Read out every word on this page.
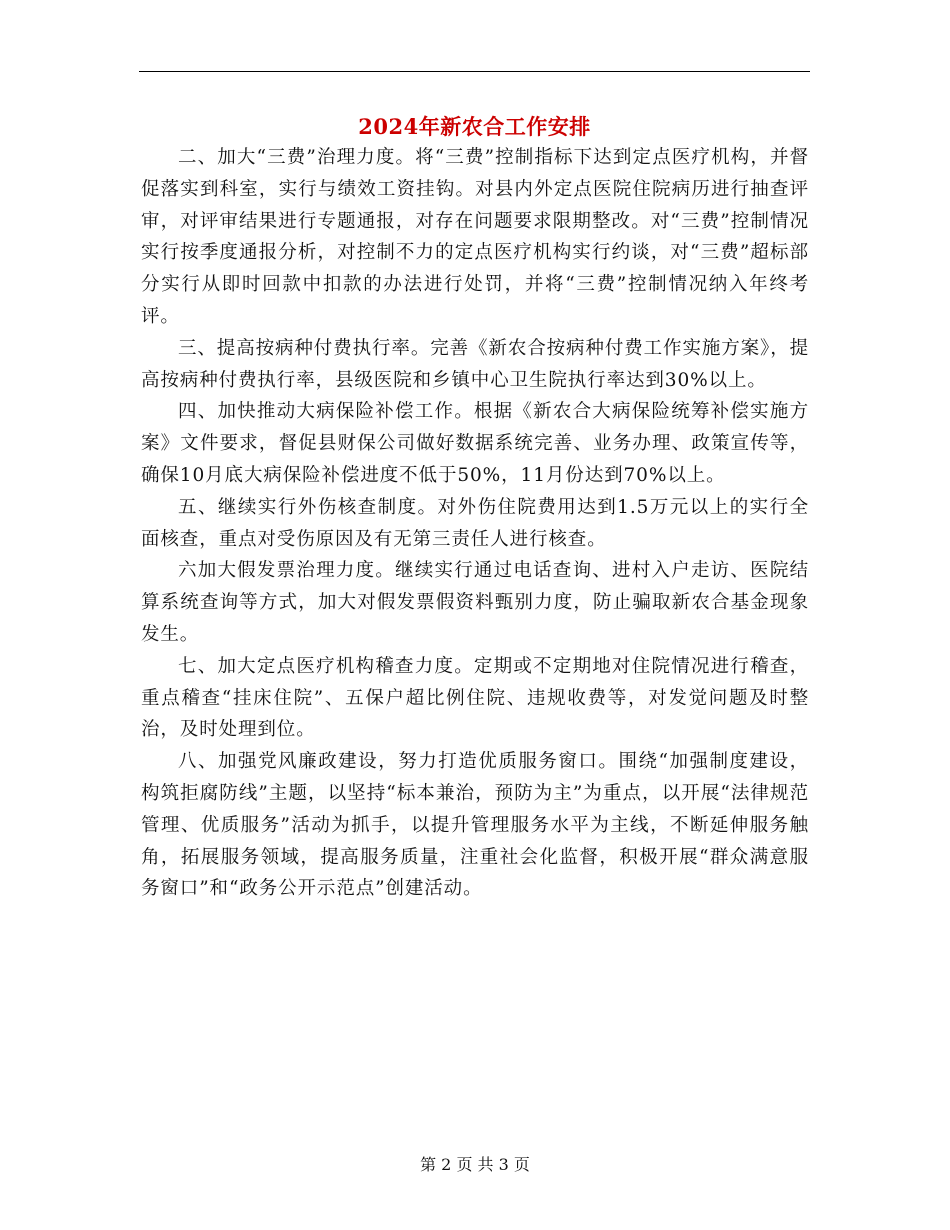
2024年新农合工作安排

二、加大“三费”治理力度。将“三费”控制指标下达到定点医疗机构，并督促落实到科室，实行与绩效工资挂钩。对县内外定点医院住院病历进行抽查评审，对评审结果进行专题通报，对存在问题要求限期整改。对“三费”控制情况实行按季度通报分析，对控制不力的定点医疗机构实行约谈，对“三费”超标部分实行从即时回款中扣款的办法进行处罚，并将“三费”控制情况纳入年终考评。

三、提高按病种付费执行率。完善《新农合按病种付费工作实施方案》，提高按病种付费执行率，县级医院和乡镇中心卫生院执行率达到30%以上。

四、加快推动大病保险补偿工作。根据《新农合大病保险统筹补偿实施方案》文件要求，督促县财保公司做好数据系统完善、业务办理、政策宣传等，确保10月底大病保险补偿进度不低于50%，11月份达到70%以上。

五、继续实行外伤核查制度。对外伤住院费用达到1.5万元以上的实行全面核查，重点对受伤原因及有无第三责任人进行核查。

六加大假发票治理力度。继续实行通过电话查询、进村入户走访、医院结算系统查询等方式，加大对假发票假资料甄别力度，防止骗取新农合基金现象发生。

七、加大定点医疗机构稽查力度。定期或不定期地对住院情况进行稽查，重点稽查“挂床住院”、五保户超比例住院、违规收费等，对发觉问题及时整治，及时处理到位。

八、加强党风廉政建设，努力打造优质服务窗口。围绕“加强制度建设，构筑拒腐防线”主题，以坚持“标本兼治，预防为主”为重点，以开展“法律规范管理、优质服务”活动为抓手，以提升管理服务水平为主线，不断延伸服务触角，拓展服务领域，提高服务质量，注重社会化监督，积极开展“群众满意服务窗口”和“政务公开示范点”创建活动。

第 2 页 共 3 页
